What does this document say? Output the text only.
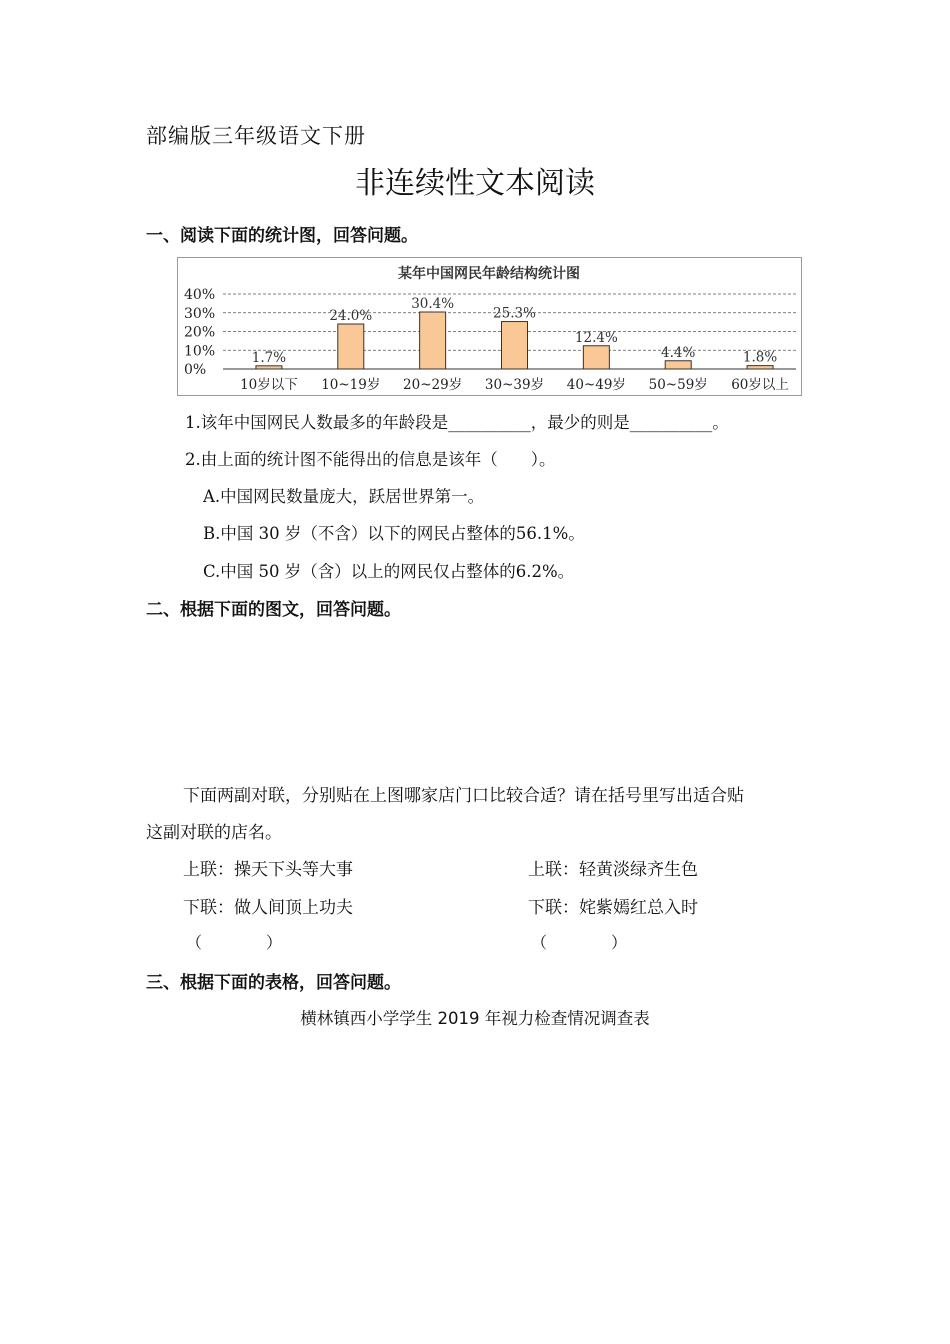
部编版三年级语文下册
非连续性文本阅读
一、阅读下面的统计图，回答问题。
某年中国网民年龄结构统计图
0%
10%
20%
30%
40%
1.7%
10岁以下
24.0%
10~19岁
30.4%
20~29岁
25.3%
30~39岁
12.4%
40~49岁
4.4%
50~59岁
1.8%
60岁以上
1.该年中国网民人数最多的年龄段是__________，最少的则是__________。
2.由上面的统计图不能得出的信息是该年（　　）。
A.中国网民数量庞大，跃居世界第一。
B.中国 30 岁（不含）以下的网民占整体的56.1%。
C.中国 50 岁（含）以上的网民仅占整体的6.2%。
二、根据下面的图文，回答问题。
下面两副对联，分别贴在上图哪家店门口比较合适？请在括号里写出适合贴
这副对联的店名。
上联：操天下头等大事
下联：做人间顶上功夫
（　　　　）
上联：轻黄淡绿齐生色
下联：姹紫嫣红总入时
（　　　　）
三、根据下面的表格，回答问题。
横林镇西小学学生 2019 年视力检查情况调查表
